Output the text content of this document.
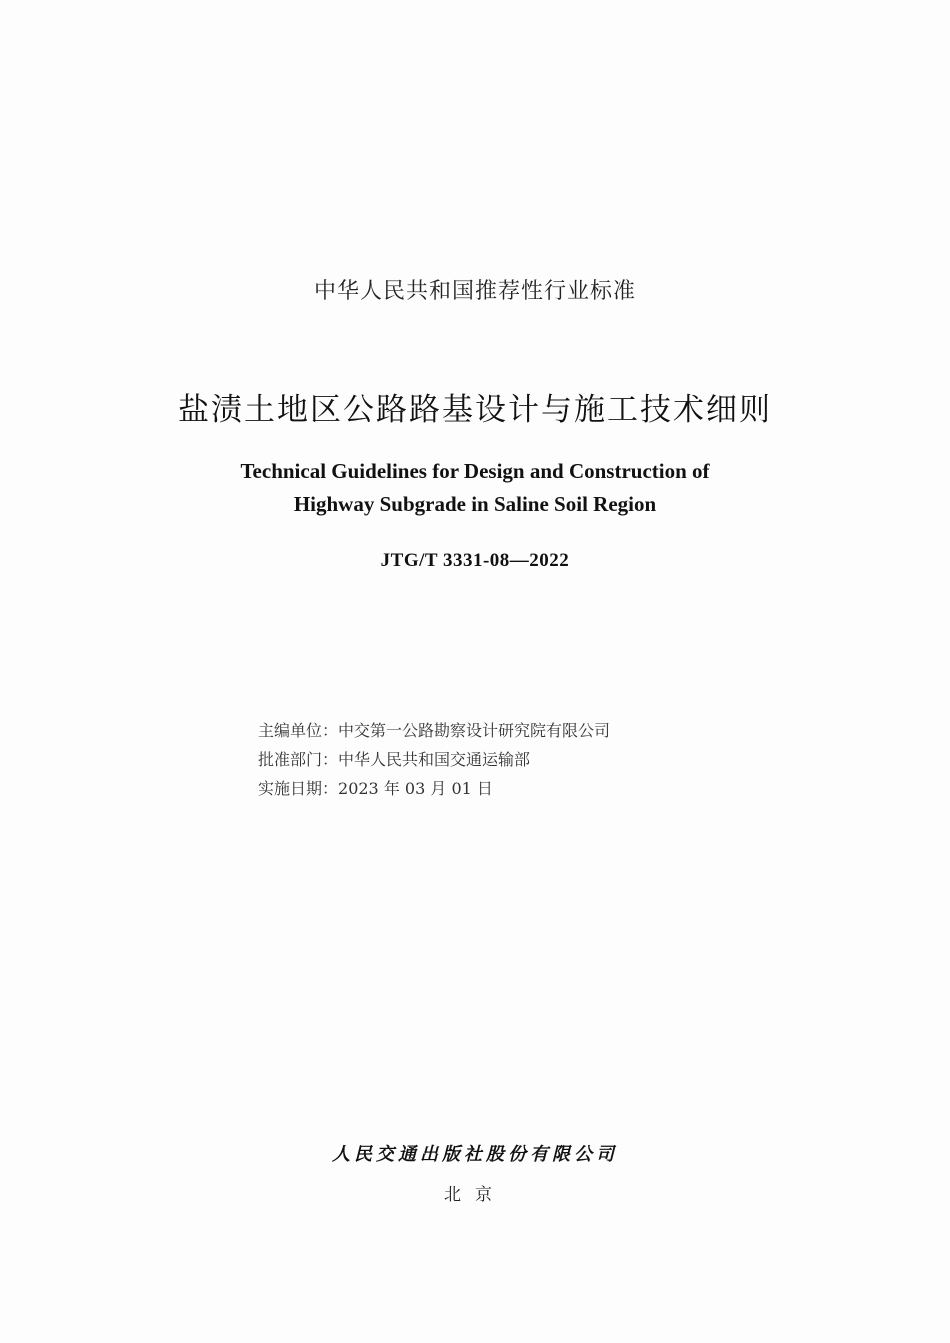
中华人民共和国推荐性行业标准
盐渍土地区公路路基设计与施工技术细则
Technical Guidelines for Design and Construction of
Highway Subgrade in Saline Soil Region
JTG/T 3331-08—2022
主编单位：中交第一公路勘察设计研究院有限公司
批准部门：中华人民共和国交通运输部
实施日期：2023 年 03 月 01 日
人民交通出版社股份有限公司
北京
